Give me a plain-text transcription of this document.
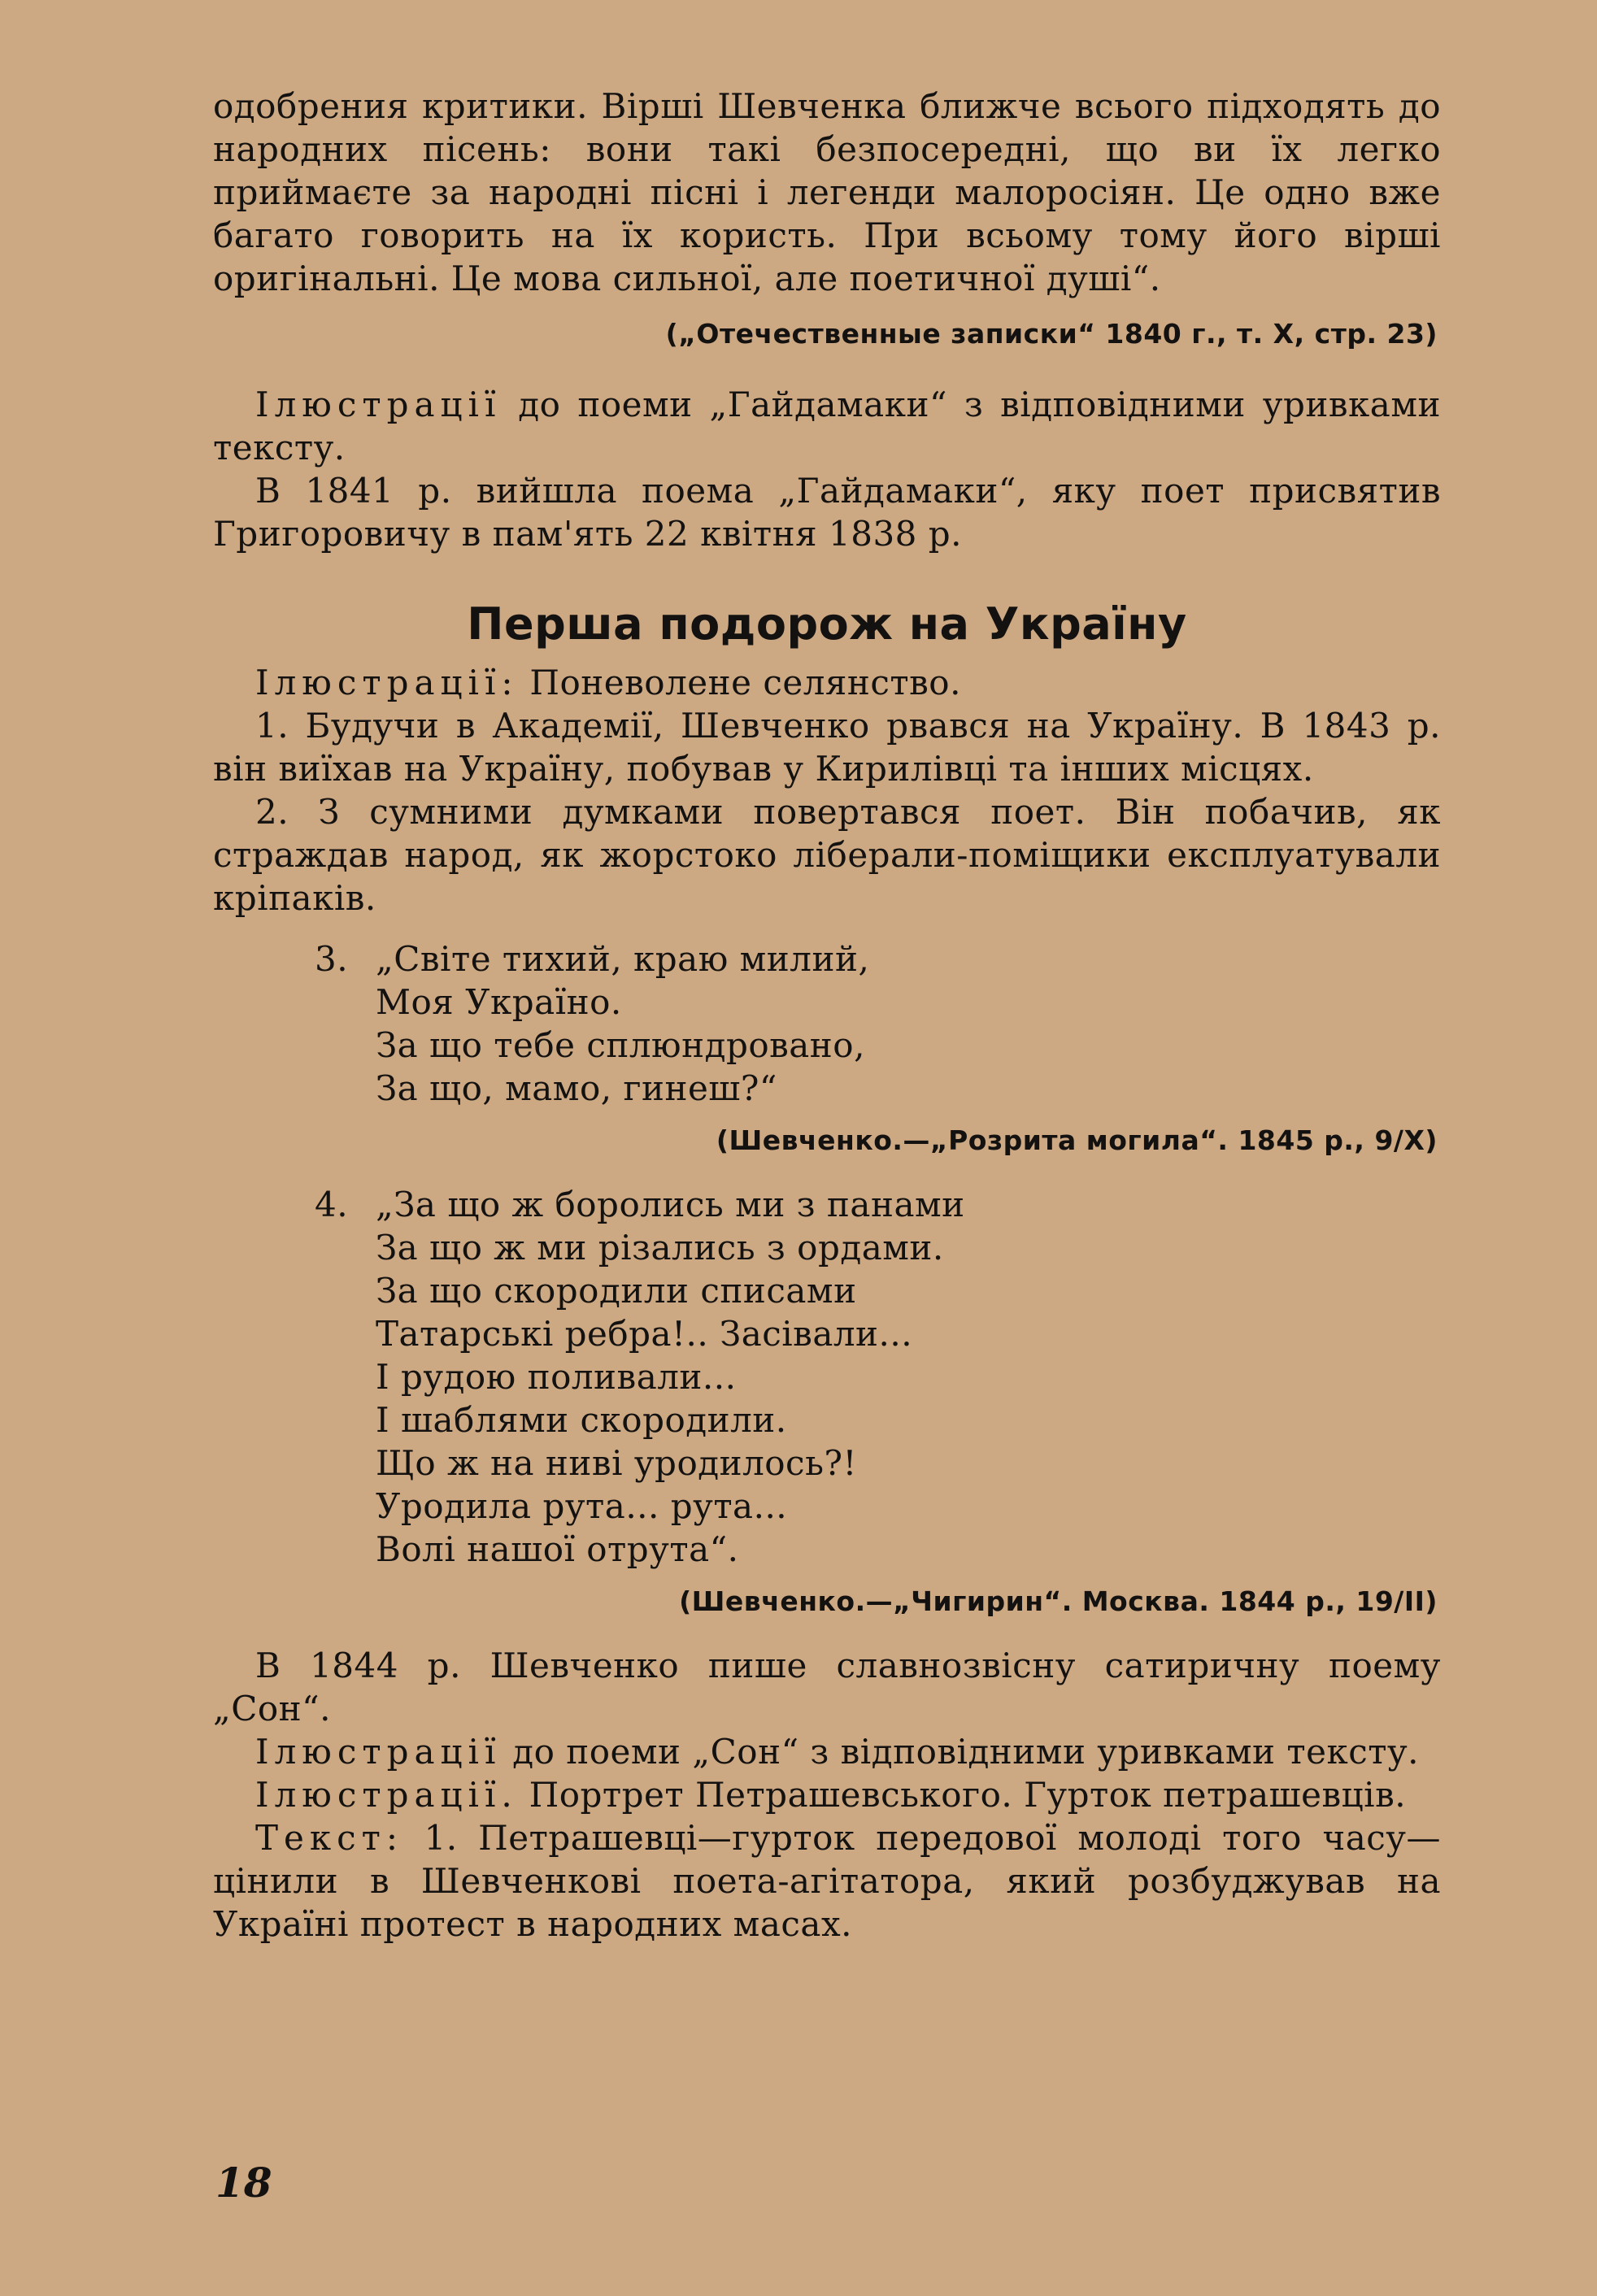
одобрения критики. Вірші Шевченка ближче всього підходять до народних пісень: вони такі безпосередні, що ви їх легко приймаєте за народні пісні і легенди малоросіян. Це одно вже багато говорить на їх користь. При всьому тому його вірші оригінальні. Це мова сильної, але поетичної душі“.

(„Отечественные записки“ 1840 г., т. X, стр. 23)

Ілюстрації до поеми „Гайдамаки“ з відповідними уривками тексту.

В 1841 р. вийшла поема „Гайдамаки“, яку поет присвятив Григоровичу в пам'ять 22 квітня 1838 р.

Перша подорож на Україну

Ілюстрації: Поневолене селянство.

1. Будучи в Академії, Шевченко рвався на Україну. В 1843 р. він виїхав на Україну, побував у Кирилівці та інших місцях.

2. З сумними думками повертався поет. Він побачив, як страждав народ, як жорстоко ліберали-поміщики експлуатували кріпаків.

3. „Світе тихий, краю милий,
Моя Україно.
За що тебе сплюндровано,
За що, мамо, гинеш?“
(Шевченко.—„Розрита могила“. 1845 р., 9/X)
4. „За що ж боролись ми з панами
За що ж ми різались з ордами.
За що скородили списами
Татарські ребра!.. Засівали...
І рудою поливали...
І шаблями скородили.
Що ж на ниві уродилось?!
Уродила рута... рута...
Волі нашої отрута“.
(Шевченко.—„Чигирин“. Москва. 1844 р., 19/II)

В 1844 р. Шевченко пише славнозвісну сатиричну поему „Сон“.

Ілюстрації до поеми „Сон“ з відповідними уривками тексту.

Ілюстрації. Портрет Петрашевського. Гурток петрашевців.

Текст: 1. Петрашевці—гурток передової молоді того часу—цінили в Шевченкові поета-агітатора, який розбуджував на Україні протест в народних масах.

18
